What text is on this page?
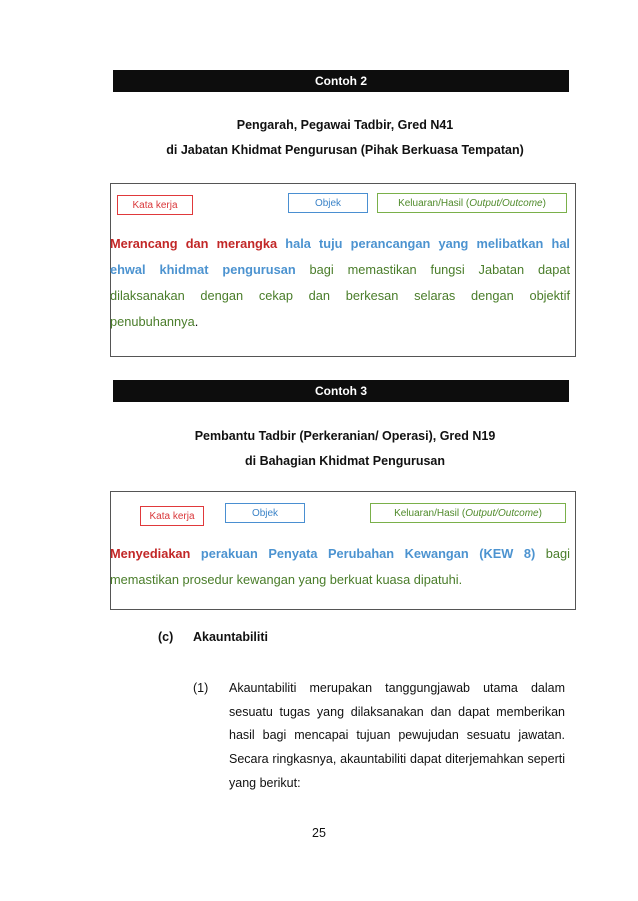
Contoh 2
Pengarah, Pegawai Tadbir, Gred N41
di Jabatan Khidmat Pengurusan (Pihak Berkuasa Tempatan)
Kata kerja	Objek	Keluaran/Hasil (Output/Outcome)
Merancang dan merangka hala tuju perancangan yang melibatkan hal ehwal khidmat pengurusan bagi memastikan fungsi Jabatan dapat dilaksanakan dengan cekap dan berkesan selaras dengan objektif penubuhannya.
Contoh 3
Pembantu Tadbir (Perkeranian/ Operasi), Gred N19
di Bahagian Khidmat Pengurusan
Kata kerja	Objek	Keluaran/Hasil (Output/Outcome)
Menyediakan perakuan Penyata Perubahan Kewangan (KEW 8) bagi memastikan prosedur kewangan yang berkuat kuasa dipatuhi.
(c) Akauntabiliti
(1) Akauntabiliti merupakan tanggungjawab utama dalam sesuatu tugas yang dilaksanakan dan dapat memberikan hasil bagi mencapai tujuan pewujudan sesuatu jawatan. Secara ringkasnya, akauntabiliti dapat diterjemahkan seperti yang berikut:
25
